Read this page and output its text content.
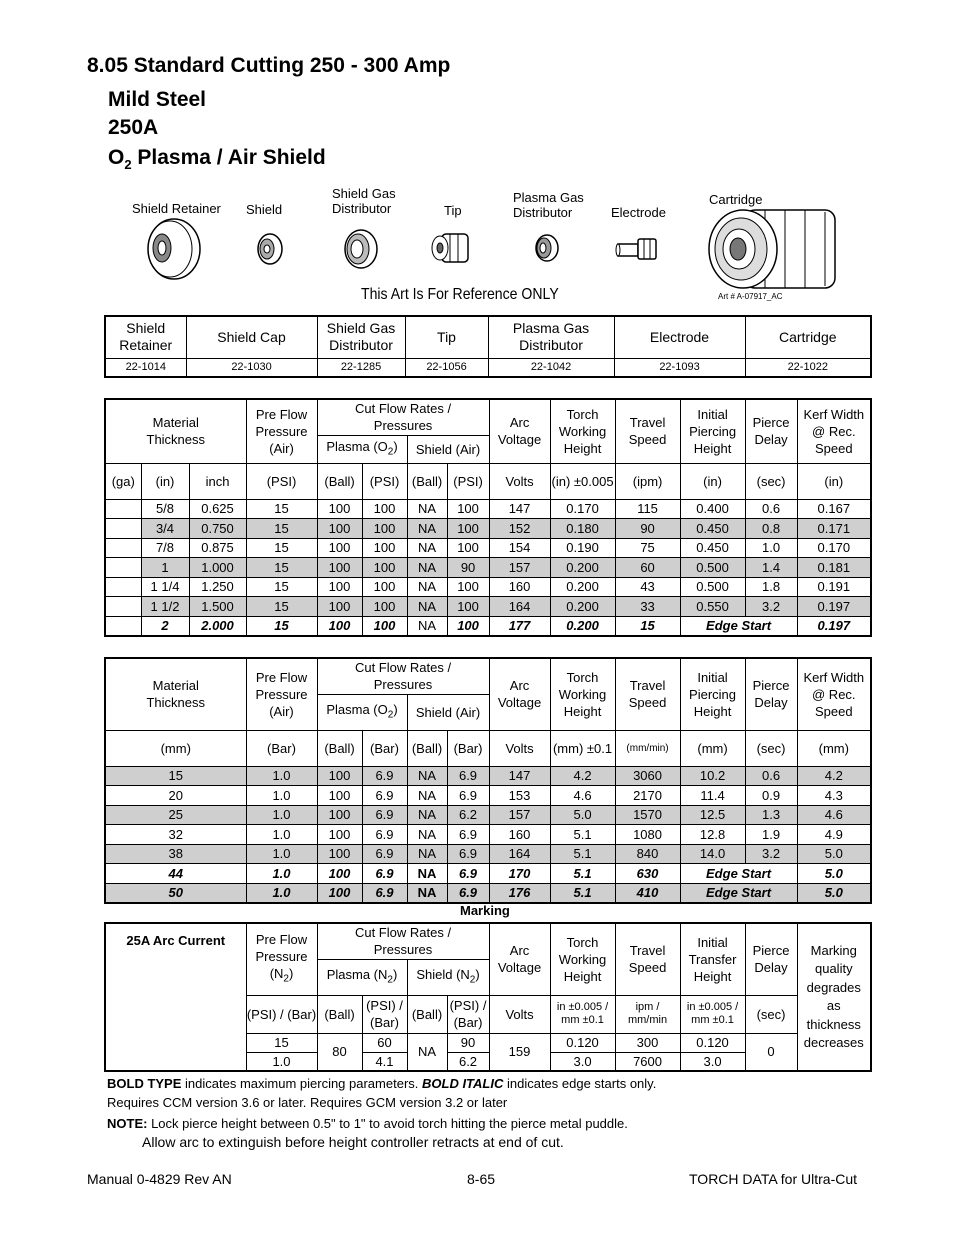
8.05 Standard Cutting 250 - 300 Amp
Mild Steel
250A
$O_2$ Plasma / Air Shield
Shield Retainer Shield
Shield Gas Distributor	Tip
Plasma Gas Distributor	Electrode
Cartridge
This Art Is For Reference ONLY	Art # A-07917_AC
Shield Retainer	Shield Cap	Shield Gas Distributor	Tip	Plasma Gas Distributor	Electrode	Cartridge
22-1014	22-1030	22-1285	22-1056	22-1042	22-1093	22-1022
Material Thickness			Pre Flow Pressure (Air)	Cut Flow Rates / Pressures				Arc Voltage	Torch Working Height	Travel Speed	Initial Piercing Height	Pierce Delay	Kerf Width @ Rec. Speed
				Plasma $(O_2)$		Shield (Air)							
(ga)	(in)	inch	(PSI)	(Ball)	(PSI)	(Ball)	(PSI)	Volts	(in) ±0.005	(ipm)	(in)	(sec)	(in)
	5/8	0.625	15	100	100	NA	100	147	0.170	115	0.400	0.6	0.167
	3/4	0.750	15	100	100	NA	100	152	0.180	90	0.450	0.8	0.171
	7/8	0.875	15	100	100	NA	100	154	0.190	75	0.450	1.0	0.170
	1	1.000	15	100	100	NA	90	157	0.200	60	0.500	1.4	0.181
	1 1/4	1.250	15	100	100	NA	100	160	0.200	43	0.500	1.8	0.191
	1 1/2	1.500	15	100	100	NA	100	164	0.200	33	0.550	3.2	0.197
	2	2.000	15	100	100	NA	100	177	0.200	15	Edge Start		0.197
Material Thickness	Pre Flow Pressure (Air)	Cut Flow Rates / Pressures				Arc Voltage	Torch Working Height	Travel Speed	Initial Piercing Height	Pierce Delay	Kerf Width @ Rec. Speed
		Plasma $(O_2)$		Shield (Air)							
(mm)	(Bar)	(Ball)	(Bar)	(Ball)	(Bar)	Volts	(mm) ±0.1	(mm/min)	(mm)	(sec)	(mm)
15	1.0	100	6.9	NA	6.9	147	4.2	3060	10.2	0.6	4.2
20	1.0	100	6.9	NA	6.9	153	4.6	2170	11.4	0.9	4.3
25	1.0	100	6.9	NA	6.2	157	5.0	1570	12.5	1.3	4.6
32	1.0	100	6.9	NA	6.9	160	5.1	1080	12.8	1.9	4.9
38	1.0	100	6.9	NA	6.9	164	5.1	840	14.0	3.2	5.0
44	1.0	100	6.9	NA	6.9	170	5.1	630	Edge Start		5.0
50	1.0	100	6.9	NA	6.9	176	5.1	410	Edge Start		5.0
Marking
25A Arc Current	Pre Flow Pressure $(N_2)$	Cut Flow Rates / Pressures				Arc Voltage	Torch Working Height	Travel Speed	Initial Transfer Height	Pierce Delay	Marking quality degrades as thickness decreases
		Plasma $(N_2)$		Shield $(N_2)$							
	(PSI) / (Bar)	(Ball)	(PSI) / (Bar)	(Ball)	(PSI) / (Bar)	Volts	in ±0.005 / mm ±0.1	ipm / mm/min	in ±0.005 / mm ±0.1	(sec)	
	15	80	60	NA	90	159	0.120	300	0.120	0	
	1.0		4.1		6.2		3.0	7600	3.0		
BOLD TYPE indicates maximum piercing parameters. BOLD ITALIC indicates edge starts only.
Requires CCM version 3.6 or later. Requires GCM version 3.2 or later
NOTE: Lock pierce height between 0.5" to 1" to avoid torch hitting the pierce metal puddle.
Allow arc to extinguish before height controller retracts at end of cut.
Manual 0-4829 Rev AN	8-65	TORCH DATA for Ultra-Cut
